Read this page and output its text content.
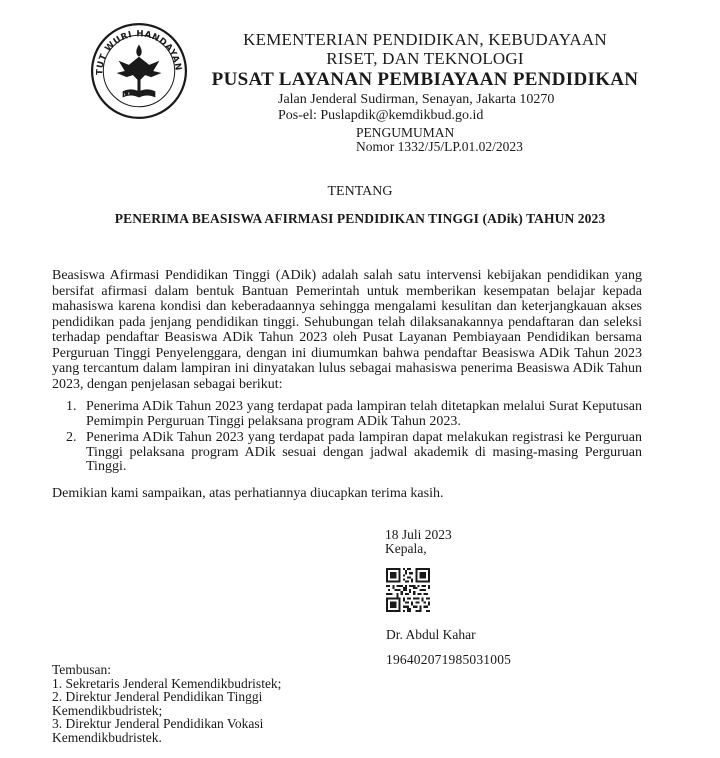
TUT WURI HANDAYAN
KEMENTERIAN PENDIDIKAN, KEBUDAYAAN
RISET, DAN TEKNOLOGI
PUSAT LAYANAN PEMBIAYAAN PENDIDIKAN
Jalan Jenderal Sudirman, Senayan, Jakarta 10270
Pos-el: Puslapdik@kemdikbud.go.id
PENGUMUMAN
Nomor 1332/J5/LP.01.02/2023
TENTANG
PENERIMA BEASISWA AFIRMASI PENDIDIKAN TINGGI (ADik) TAHUN 2023

Beasiswa Afirmasi Pendidikan Tinggi (ADik) adalah salah satu intervensi kebijakan pendidikan yang bersifat afirmasi dalam bentuk Bantuan Pemerintah untuk memberikan kesempatan belajar kepada mahasiswa karena kondisi dan keberadaannya sehingga mengalami kesulitan dan keterjangkauan akses pendidikan pada jenjang pendidikan tinggi. Sehubungan telah dilaksanakannya pendaftaran dan seleksi terhadap pendaftar Beasiswa ADik Tahun 2023 oleh Pusat Layanan Pembiayaan Pendidikan bersama Perguruan Tinggi Penyelenggara, dengan ini diumumkan bahwa pendaftar Beasiswa ADik Tahun 2023 yang tercantum dalam lampiran ini dinyatakan lulus sebagai mahasiswa penerima Beasiswa ADik Tahun 2023, dengan penjelasan sebagai berikut:

1. Penerima ADik Tahun 2023 yang terdapat pada lampiran telah ditetapkan melalui Surat Keputusan Pemimpin Perguruan Tinggi pelaksana program ADik Tahun 2023.
2. Penerima ADik Tahun 2023 yang terdapat pada lampiran dapat melakukan registrasi ke Perguruan Tinggi pelaksana program ADik sesuai dengan jadwal akademik di masing-masing Perguruan Tinggi.
Demikian kami sampaikan, atas perhatiannya diucapkan terima kasih.
18 Juli 2023
Kepala,
Dr. Abdul Kahar
196402071985031005
Tembusan:
1. Sekretaris Jenderal Kemendikbudristek;
2. Direktur Jenderal Pendidikan Tinggi
Kemendikbudristek;
3. Direktur Jenderal Pendidikan Vokasi
Kemendikbudristek.
